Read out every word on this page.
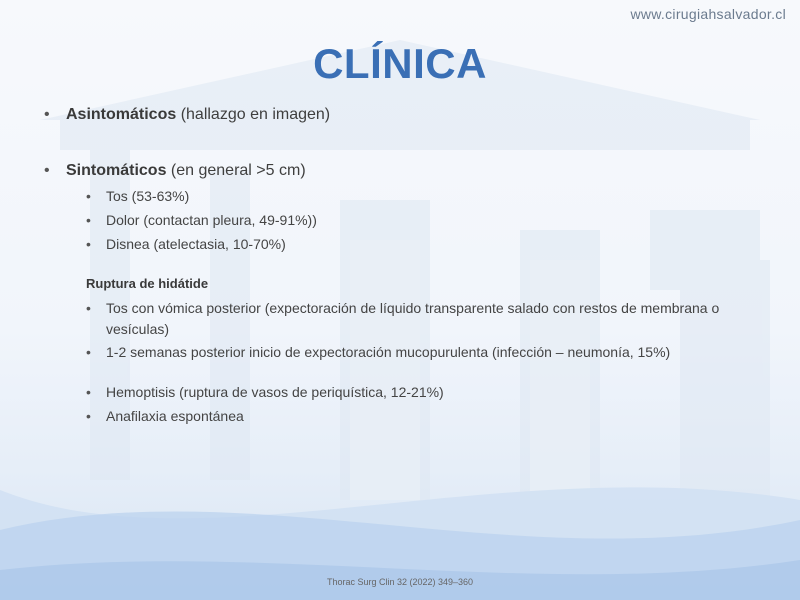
www.cirugiahsalvador.cl
CLÍNICA
• Asintomáticos (hallazgo en imagen)
• Sintomáticos (en general >5 cm)
•	Tos (53-63%)
•	Dolor (contactan pleura, 49-91%))
•	Disnea (atelectasia, 10-70%)
Ruptura de hidátide
•	Tos con vómica posterior (expectoración de líquido transparente salado con restos de membrana o vesículas)
•	1-2 semanas posterior inicio de expectoración mucopurulenta (infección – neumonía, 15%)
•	Hemoptisis (ruptura de vasos de periquística, 12-21%)
•	Anafilaxia espontánea
Thorac Surg Clin 32 (2022) 349–360
